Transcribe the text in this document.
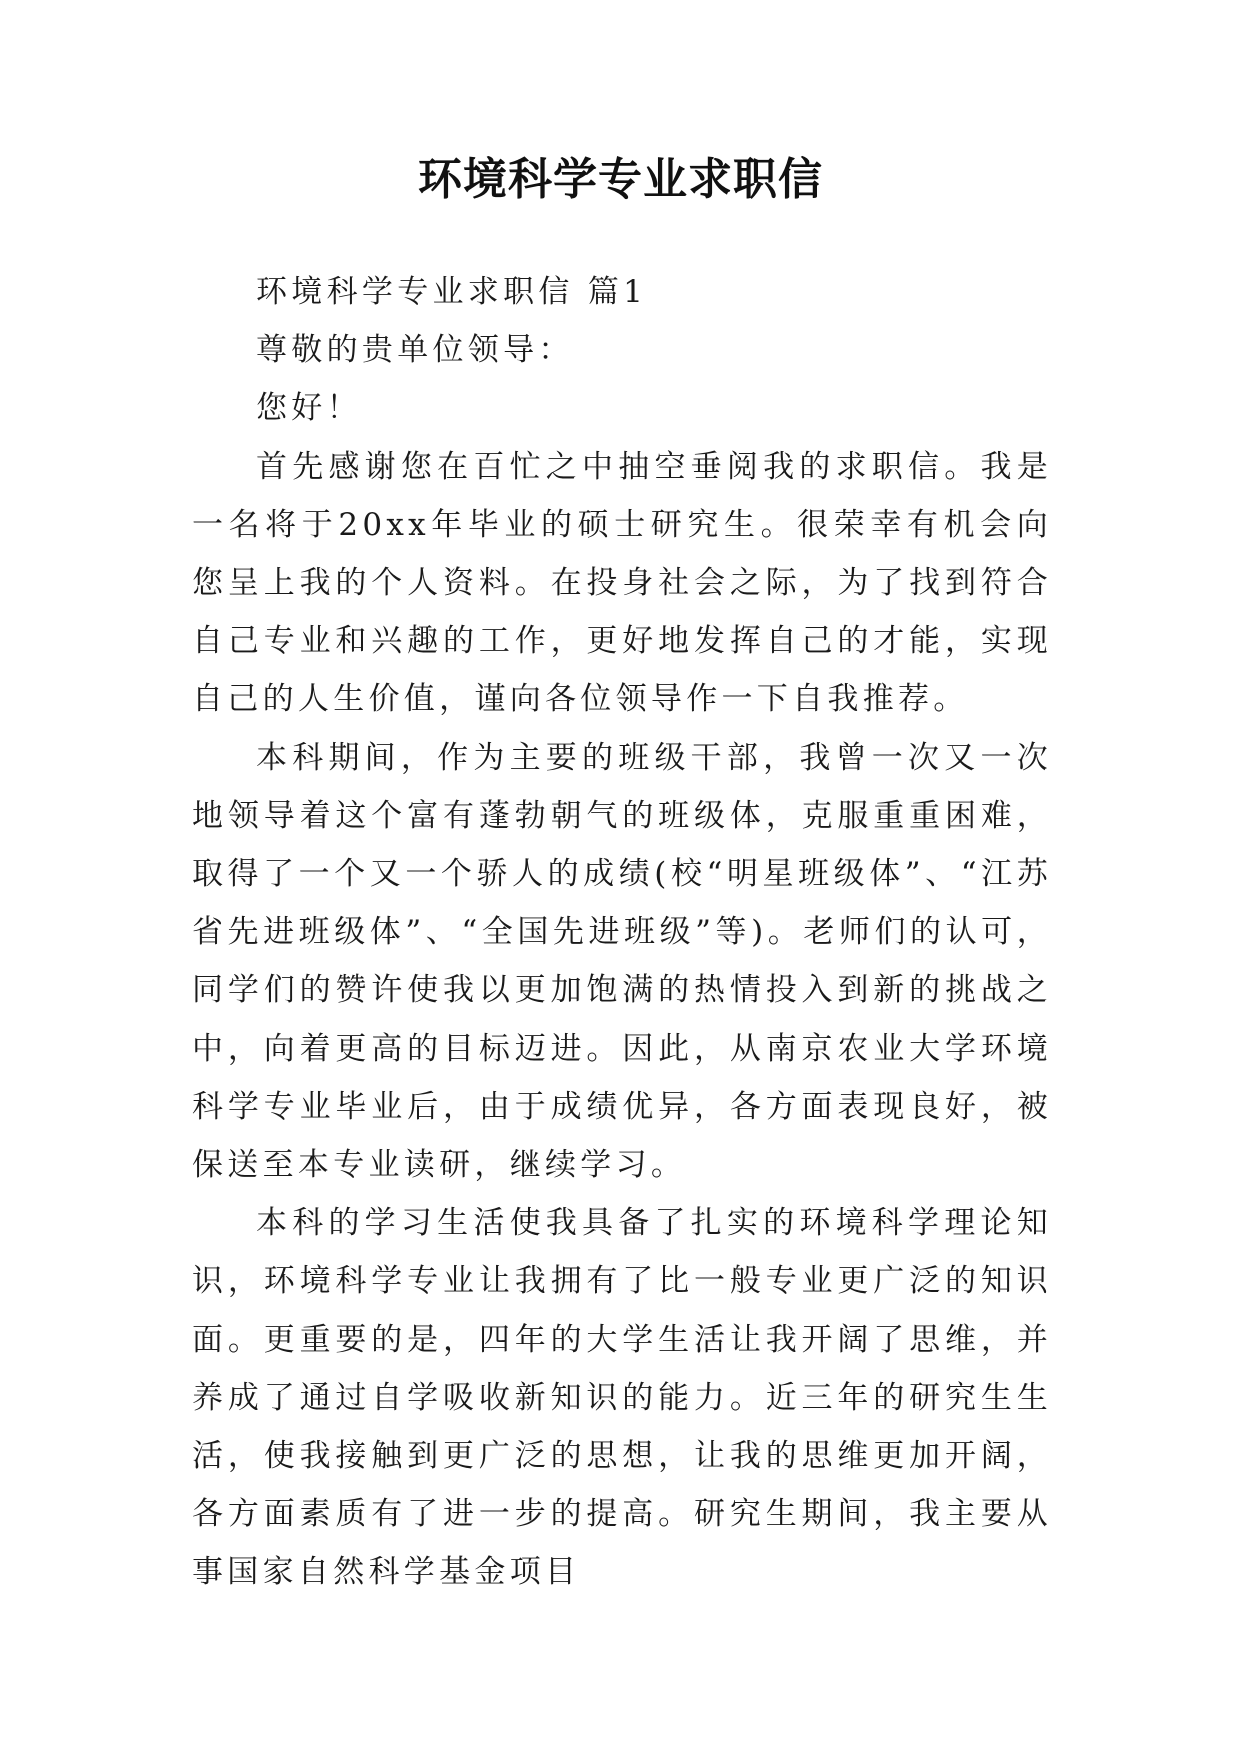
环境科学专业求职信

环境科学专业求职信 篇1

尊敬的贵单位领导：

您好！

首先感谢您在百忙之中抽空垂阅我的求职信。我是一名将于20xx年毕业的硕士研究生。很荣幸有机会向您呈上我的个人资料。在投身社会之际，为了找到符合自己专业和兴趣的工作，更好地发挥自己的才能，实现自己的人生价值，谨向各位领导作一下自我推荐。

本科期间，作为主要的班级干部，我曾一次又一次地领导着这个富有蓬勃朝气的班级体，克服重重困难，取得了一个又一个骄人的成绩(校“明星班级体”、“江苏省先进班级体”、“全国先进班级”等)。老师们的认可，同学们的赞许使我以更加饱满的热情投入到新的挑战之中，向着更高的目标迈进。因此，从南京农业大学环境科学专业毕业后，由于成绩优异，各方面表现良好，被保送至本专业读研，继续学习。

本科的学习生活使我具备了扎实的环境科学理论知识，环境科学专业让我拥有了比一般专业更广泛的知识面。更重要的是，四年的大学生活让我开阔了思维，并养成了通过自学吸收新知识的能力。近三年的研究生生活，使我接触到更广泛的思想，让我的思维更加开阔，各方面素质有了进一步的提高。研究生期间，我主要从事国家自然科学基金项目
